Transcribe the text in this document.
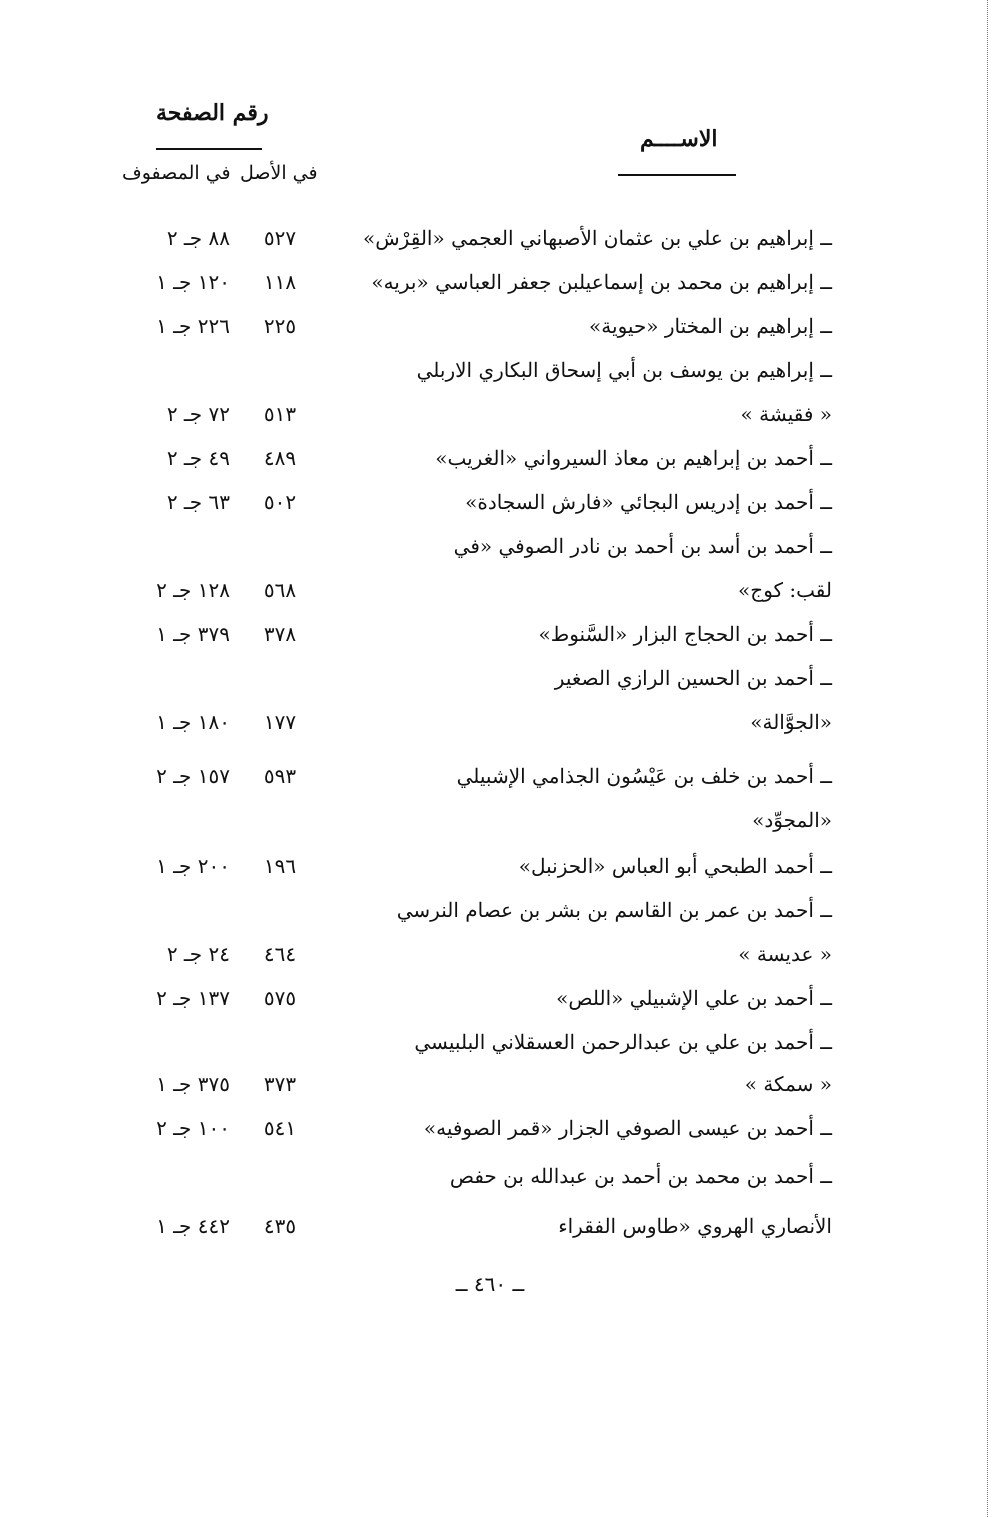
رقم الصفحة
في الأصل
في المصفوف
الاســــم
ــ إبراهيم بن علي بن عثمان الأصبهاني العجمي «القِرْش»
٥٢٧
٨٨ جـ ٢
ــ إبراهيم بن محمد بن إسماعيلبن جعفر العباسي «بريه»
١١٨
١٢٠ جـ ١
ــ إبراهيم بن المختار «حيوية»
٢٢٥
٢٢٦ جـ ١
ــ إبراهيم بن يوسف بن أبي إسحاق البكاري الاربلي
« فقيشة »
٥١٣
٧٢ جـ ٢
ــ أحمد بن إبراهيم بن معاذ السيرواني «الغريب»
٤٨٩
٤٩ جـ ٢
ــ أحمد بن إدريس البجائي «فارش السجادة»
٥٠٢
٦٣ جـ ٢
ــ أحمد بن أسد بن أحمد بن نادر الصوفي «في
لقب: كوج»
٥٦٨
١٢٨ جـ ٢
ــ أحمد بن الحجاج البزار «السَّنوط»
٣٧٨
٣٧٩ جـ ١
ــ أحمد بن الحسين الرازي الصغير
«الجوَّالة»
١٧٧
١٨٠ جـ ١
ــ أحمد بن خلف بن عَيْسُون الجذامي الإشبيلي
٥٩٣
١٥٧ جـ ٢
«المجوِّد»
ــ أحمد الطبحي أبو العباس «الحزنبل»
١٩٦
٢٠٠ جـ ١
ــ أحمد بن عمر بن القاسم بن بشر بن عصام النرسي
« عديسة »
٤٦٤
٢٤ جـ ٢
ــ أحمد بن علي الإشبيلي «اللص»
٥٧٥
١٣٧ جـ ٢
ــ أحمد بن علي بن عبدالرحمن العسقلاني البلبيسي
« سمكة »
٣٧٣
٣٧٥ جـ ١
ــ أحمد بن عيسى الصوفي الجزار «قمر الصوفيه»
٥٤١
١٠٠ جـ ٢
ــ أحمد بن محمد بن أحمد بن عبدالله بن حفص
الأنصاري الهروي «طاوس الفقراء
٤٣٥
٤٤٢ جـ ١
ــ ٤٦٠ ــ
